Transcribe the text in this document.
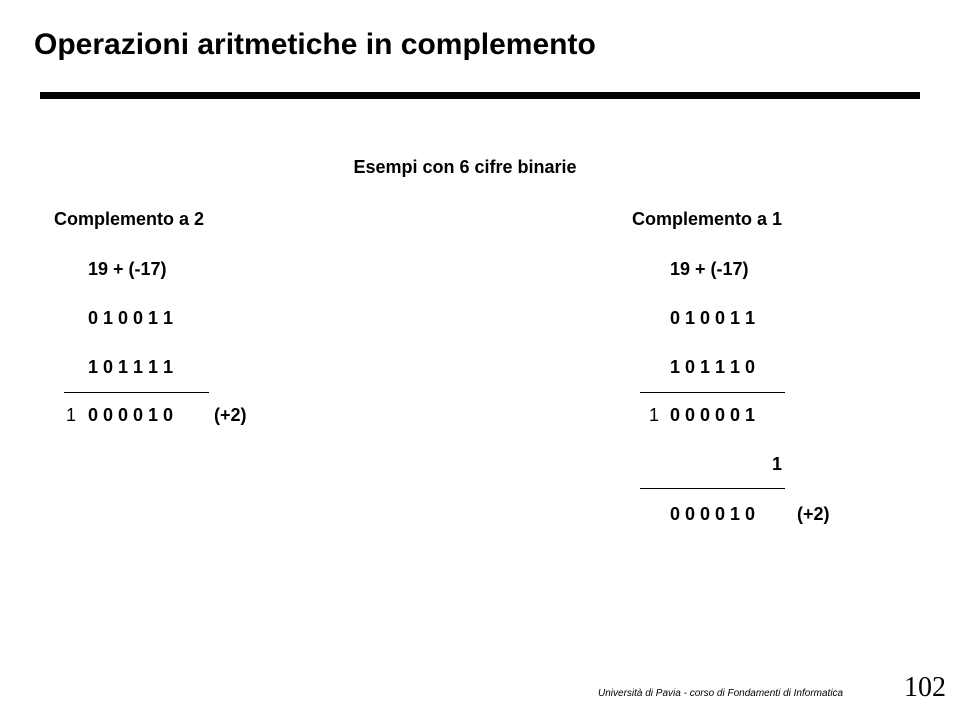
Operazioni aritmetiche in complemento
Esempi con 6 cifre binarie
Complemento a 2
19 + (-17)
0 1 0 0 1 1
1 0 1 1 1 1
1 0 0 0 0 1 0 (+2)
Complemento a 1
19 + (-17)
0 1 0 0 1 1
1 0 1 1 1 0
1 0 0 0 0 0 1
1
0 0 0 0 1 0 (+2)
Università di Pavia - corso di Fondamenti di Informatica 102
